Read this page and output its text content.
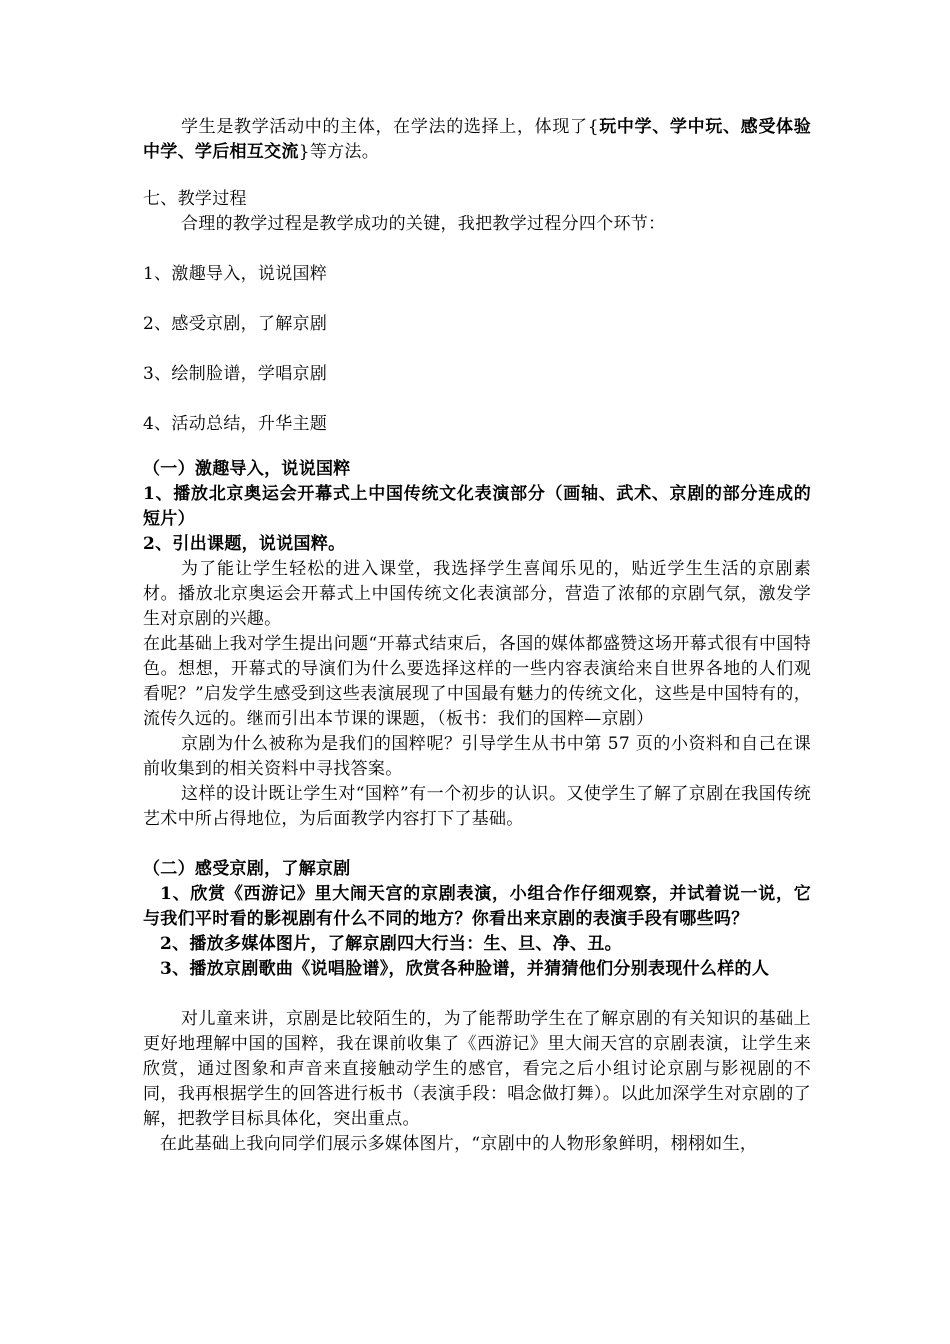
学生是教学活动中的主体，在学法的选择上，体现了{玩中学、学中玩、感受体验中学、学后相互交流}等方法。

七、教学过程

合理的教学过程是教学成功的关键，我把教学过程分四个环节：

1、激趣导入，说说国粹

2、感受京剧，了解京剧

3、绘制脸谱，学唱京剧

4、活动总结，升华主题

（一）激趣导入，说说国粹

1、播放北京奥运会开幕式上中国传统文化表演部分（画轴、武术、京剧的部分连成的短片）

2、引出课题，说说国粹。

为了能让学生轻松的进入课堂，我选择学生喜闻乐见的，贴近学生生活的京剧素材。播放北京奥运会开幕式上中国传统文化表演部分，营造了浓郁的京剧气氛，激发学生对京剧的兴趣。

在此基础上我对学生提出问题“开幕式结束后，各国的媒体都盛赞这场开幕式很有中国特色。想想，开幕式的导演们为什么要选择这样的一些内容表演给来自世界各地的人们观看呢？”启发学生感受到这些表演展现了中国最有魅力的传统文化，这些是中国特有的，流传久远的。继而引出本节课的课题，（板书：我们的国粹—京剧）

京剧为什么被称为是我们的国粹呢？引导学生从书中第 57 页的小资料和自己在课前收集到的相关资料中寻找答案。

这样的设计既让学生对“国粹”有一个初步的认识。又使学生了解了京剧在我国传统艺术中所占得地位，为后面教学内容打下了基础。

（二）感受京剧，了解京剧

1、欣赏《西游记》里大闹天宫的京剧表演，小组合作仔细观察，并试着说一说，它与我们平时看的影视剧有什么不同的地方？你看出来京剧的表演手段有哪些吗？

2、播放多媒体图片，了解京剧四大行当：生、旦、净、丑。

3、播放京剧歌曲《说唱脸谱》，欣赏各种脸谱，并猜猜他们分别表现什么样的人

对儿童来讲，京剧是比较陌生的，为了能帮助学生在了解京剧的有关知识的基础上更好地理解中国的国粹，我在课前收集了《西游记》里大闹天宫的京剧表演，让学生来欣赏，通过图象和声音来直接触动学生的感官，看完之后小组讨论京剧与影视剧的不同，我再根据学生的回答进行板书（表演手段：唱念做打舞）。以此加深学生对京剧的了解，把教学目标具体化，突出重点。

在此基础上我向同学们展示多媒体图片，“京剧中的人物形象鲜明，栩栩如生，
